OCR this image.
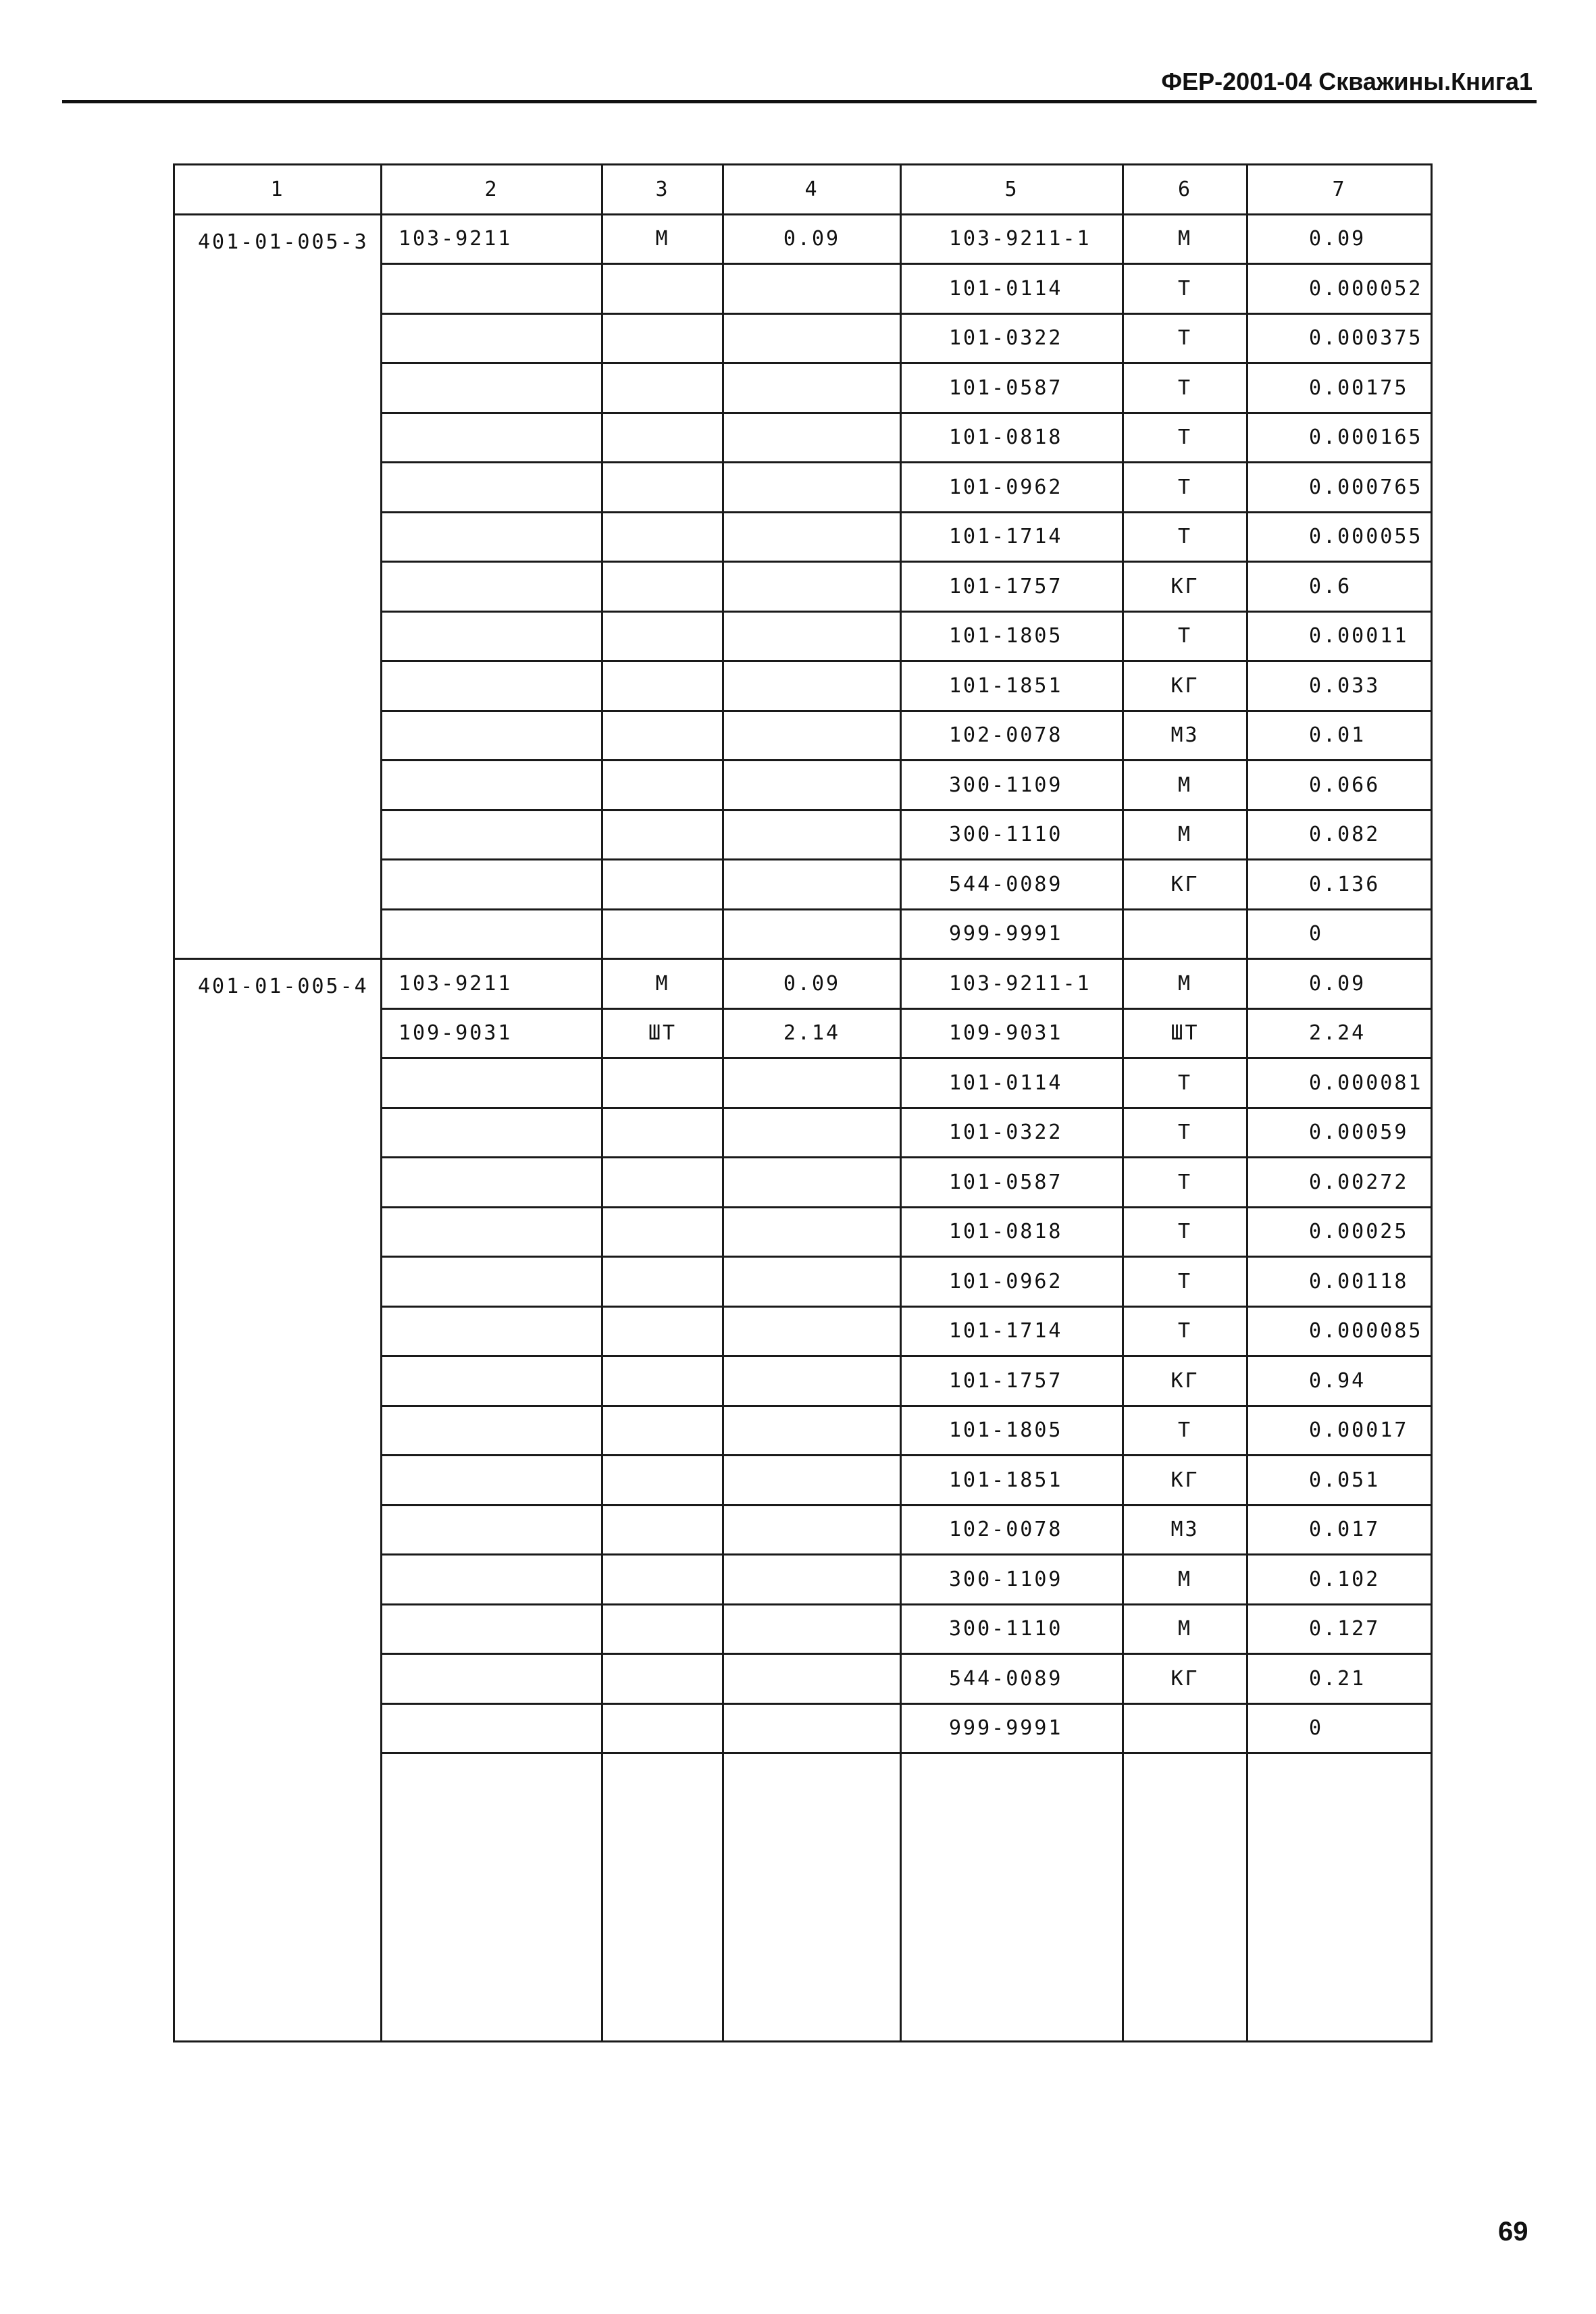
ФЕР-2001-04 Скважины.Книга1
1	2	3	4	5	6	7
401-01-005-3	103-9211	М	0.09	103-9211-1	М	0.09
				101-0114	Т	0.000052
				101-0322	Т	0.000375
				101-0587	Т	0.00175
				101-0818	Т	0.000165
				101-0962	Т	0.000765
				101-1714	Т	0.000055
				101-1757	КГ	0.6
				101-1805	Т	0.00011
				101-1851	КГ	0.033
				102-0078	М3	0.01
				300-1109	М	0.066
				300-1110	М	0.082
				544-0089	КГ	0.136
				999-9991		0
401-01-005-4	103-9211	М	0.09	103-9211-1	М	0.09
	109-9031	ШТ	2.14	109-9031	ШТ	2.24
				101-0114	Т	0.000081
				101-0322	Т	0.00059
				101-0587	Т	0.00272
				101-0818	Т	0.00025
				101-0962	Т	0.00118
				101-1714	Т	0.000085
				101-1757	КГ	0.94
				101-1805	Т	0.00017
				101-1851	КГ	0.051
				102-0078	М3	0.017
				300-1109	М	0.102
				300-1110	М	0.127
				544-0089	КГ	0.21
				999-9991		0

69
